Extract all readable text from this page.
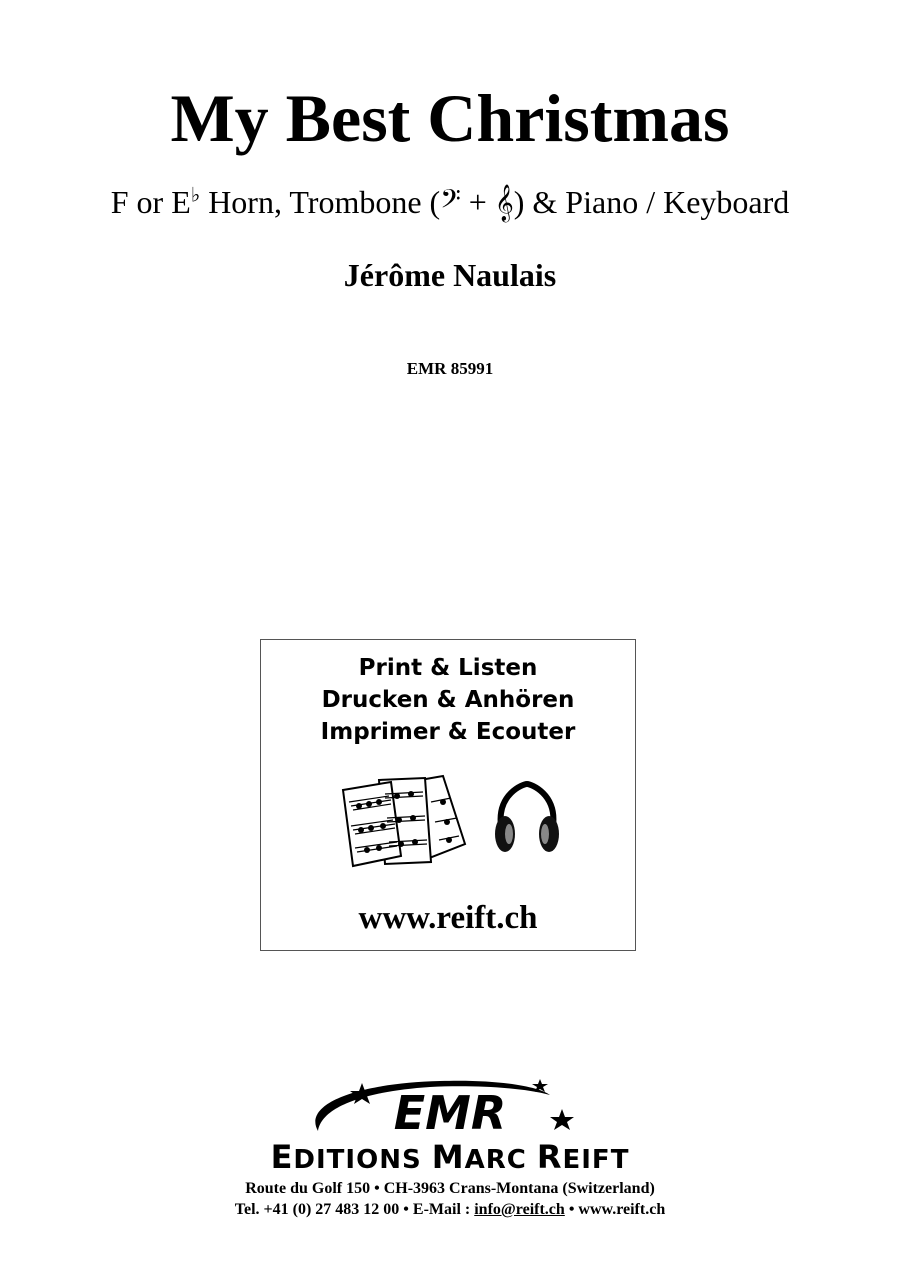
My Best Christmas
F or E♭ Horn, Trombone (𝄢 + 𝄞) & Piano / Keyboard
Jérôme Naulais
EMR 85991
Print & Listen
Drucken & Anhören
Imprimer & Ecouter
www.reift.ch
EMR
EDITIONS MARC REIFT
Route du Golf 150 • CH-3963 Crans-Montana (Switzerland)
Tel. +41 (0) 27 483 12 00 • E-Mail : info@reift.ch • www.reift.ch
